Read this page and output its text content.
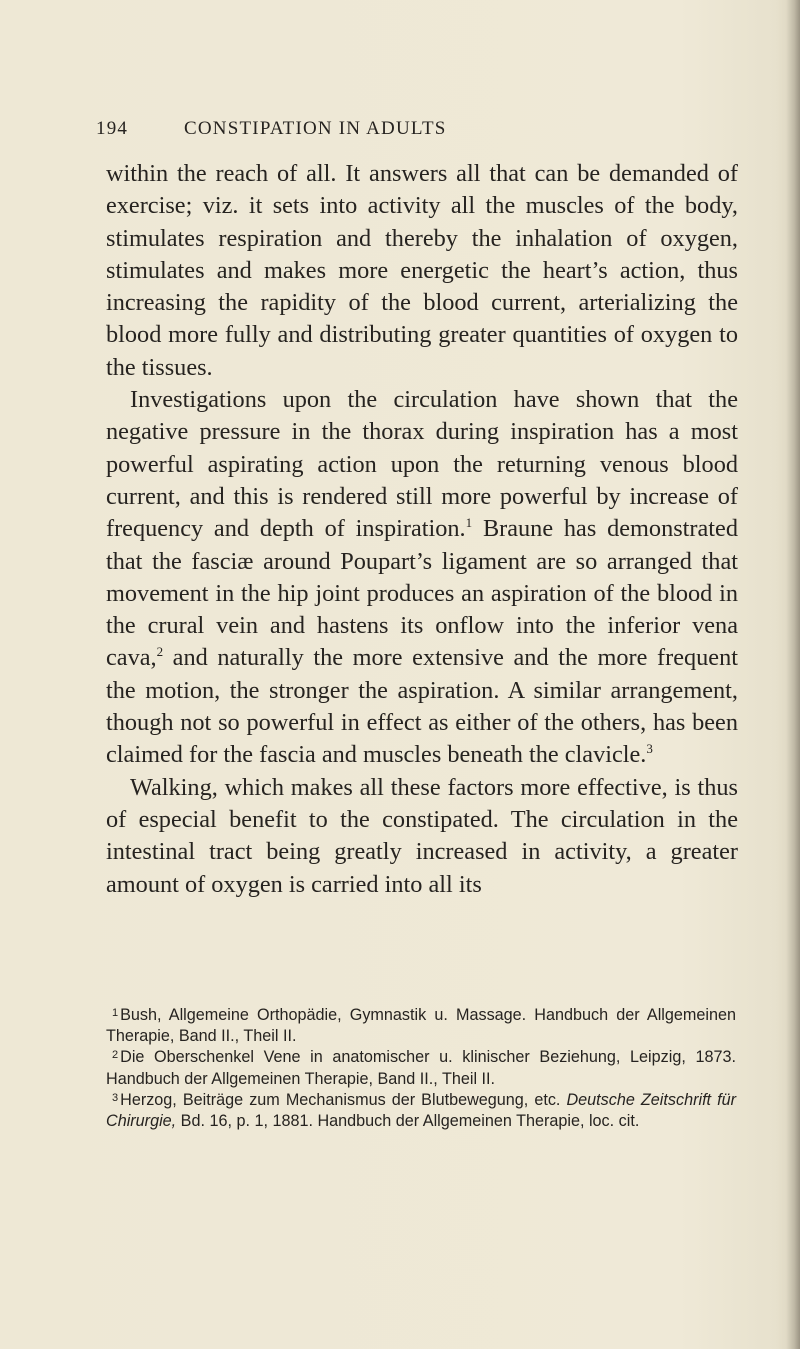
194	CONSTIPATION IN ADULTS

within the reach of all. It answers all that can be demanded of exercise; viz. it sets into activity all the muscles of the body, stimulates respiration and thereby the inhalation of oxygen, stimulates and makes more energetic the heart’s action, thus increasing the rapidity of the blood current, arterializing the blood more fully and distributing greater quantities of oxygen to the tissues.

Investigations upon the circulation have shown that the negative pressure in the thorax during inspiration has a most powerful aspirating action upon the returning venous blood current, and this is rendered still more powerful by increase of frequency and depth of inspiration.$^1$ Braune has demonstrated that the fasciæ around Poupart’s ligament are so arranged that movement in the hip joint produces an aspiration of the blood in the crural vein and hastens its onflow into the inferior vena cava,$^2$ and naturally the more extensive and the more frequent the motion, the stronger the aspiration. A similar arrangement, though not so powerful in effect as either of the others, has been claimed for the fascia and muscles beneath the clavicle.$^3$

Walking, which makes all these factors more effective, is thus of especial benefit to the constipated. The circulation in the intestinal tract being greatly increased in activity, a greater amount of oxygen is carried into all its

$^1$ Bush, Allgemeine Orthopädie, Gymnastik u. Massage. Handbuch der Allgemeinen Therapie, Band II., Theil II.

$^2$ Die Oberschenkel Vene in anatomischer u. klinischer Beziehung, Leipzig, 1873. Handbuch der Allgemeinen Therapie, Band II., Theil II.

$^3$ Herzog, Beiträge zum Mechanismus der Blutbewegung, etc. Deutsche Zeitschrift für Chirurgie, Bd. 16, p. 1, 1881. Handbuch der Allgemeinen Therapie, loc. cit.
